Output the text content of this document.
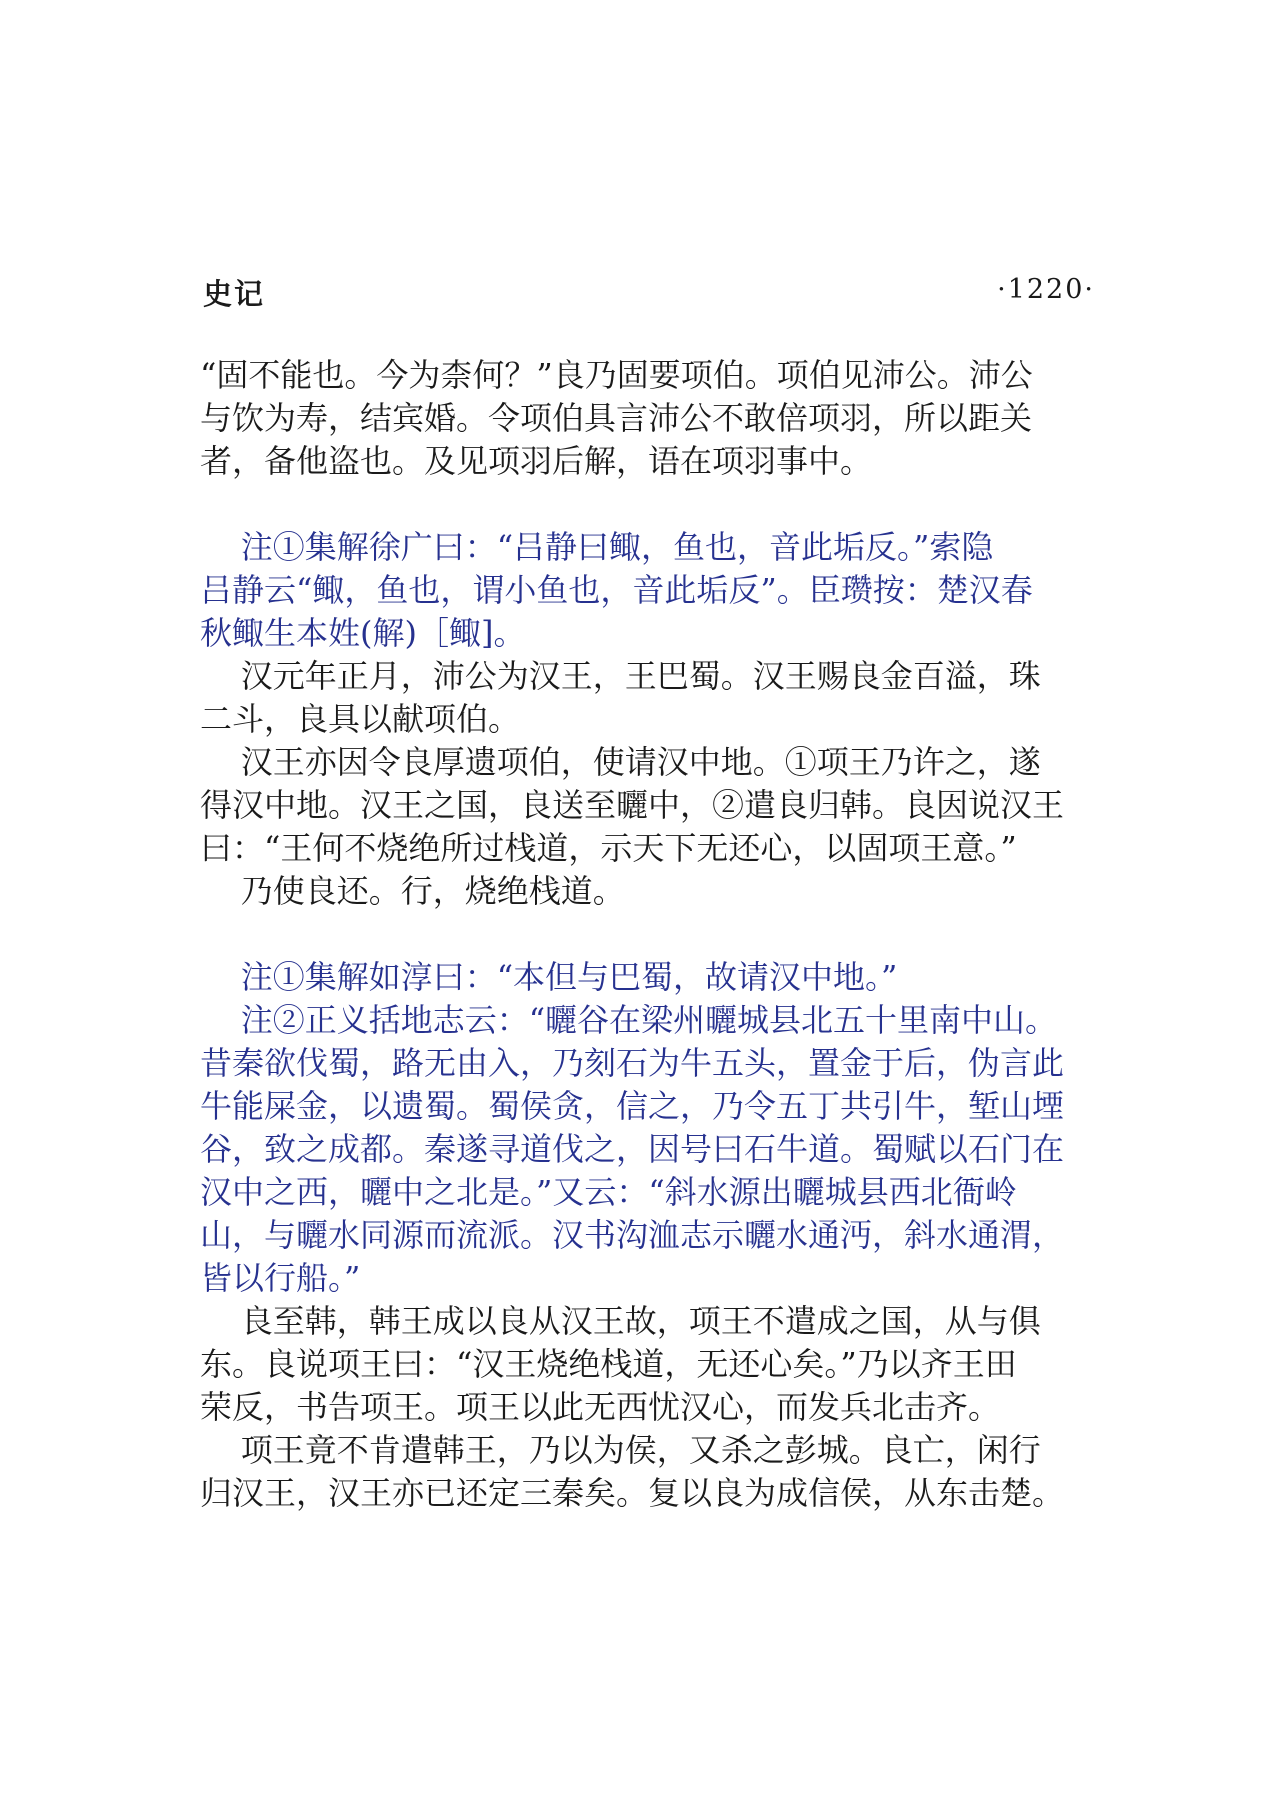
史记	·1220·

“固不能也。今为柰何？”良乃固要项伯。项伯见沛公。沛公

与饮为寿，结宾婚。令项伯具言沛公不敢倍项羽，所以距关

者，备他盗也。及见项羽后解，语在项羽事中。

注①集解徐广曰：“吕静曰鲰，鱼也，音此垢反。”索隐

吕静云“鲰，鱼也，谓小鱼也，音此垢反”。臣瓒按：楚汉春

秋鲰生本姓(解)［鲰]。

汉元年正月，沛公为汉王，王巴蜀。汉王赐良金百溢，珠

二斗，良具以献项伯。

汉王亦因令良厚遗项伯，使请汉中地。①项王乃许之，遂

得汉中地。汉王之国，良送至曬中，②遣良归韩。良因说汉王

曰：“王何不烧绝所过栈道，示天下无还心，以固项王意。”

乃使良还。行，烧绝栈道。

注①集解如淳曰：“本但与巴蜀，故请汉中地。”

注②正义括地志云：“曬谷在梁州曬城县北五十里南中山。

昔秦欲伐蜀，路无由入，乃刻石为牛五头，置金于后，伪言此

牛能屎金，以遗蜀。蜀侯贪，信之，乃令五丁共引牛，堑山堙

谷，致之成都。秦遂寻道伐之，因号曰石牛道。蜀赋以石门在

汉中之西，曬中之北是。”又云：“斜水源出曬城县西北衙岭

山，与曬水同源而流派。汉书沟洫志示曬水通沔，斜水通渭，

皆以行船。”

良至韩，韩王成以良从汉王故，项王不遣成之国，从与俱

东。良说项王曰：“汉王烧绝栈道，无还心矣。”乃以齐王田

荣反，书告项王。项王以此无西忧汉心，而发兵北击齐。

项王竟不肯遣韩王，乃以为侯，又杀之彭城。良亡，闲行

归汉王，汉王亦已还定三秦矣。复以良为成信侯，从东击楚。
